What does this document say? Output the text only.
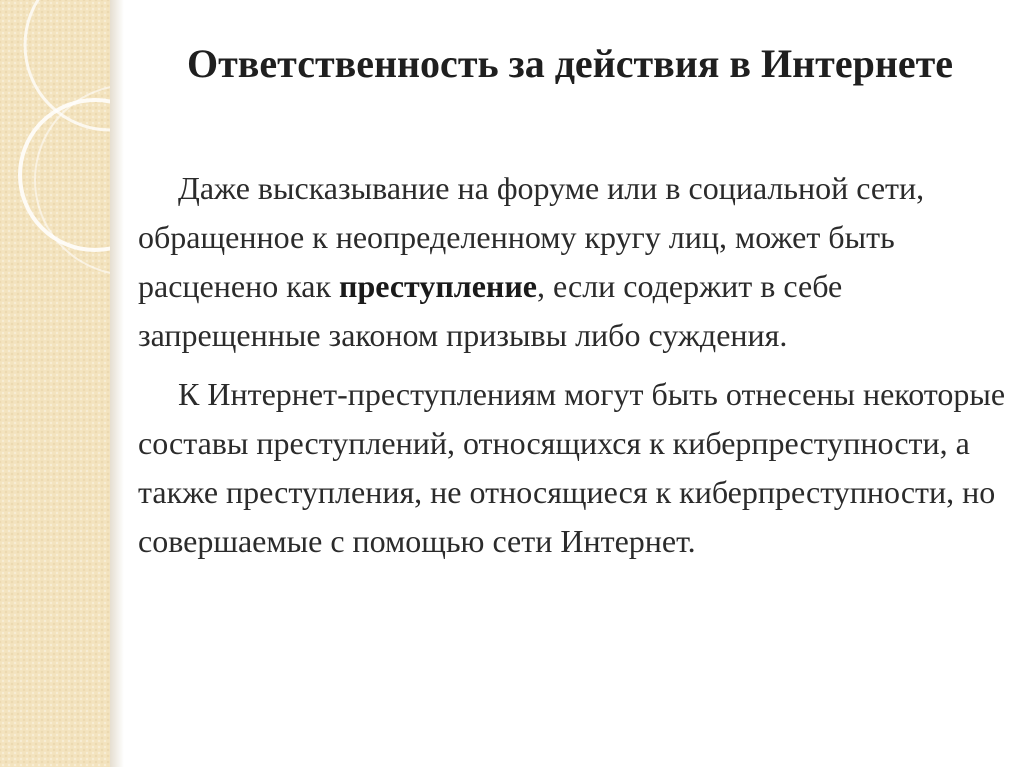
Ответственность за действия в Интернете

Даже высказывание на форуме или в социальной сети, обращенное к неопределенному кругу лиц, может быть расценено как преступление, если содержит в себе запрещенные законом призывы либо суждения.

К Интернет-преступлениям могут быть отнесены некоторые составы преступлений, относящихся к киберпреступности, а также преступления, не относящиеся к киберпреступности, но совершаемые с помощью сети Интернет.
